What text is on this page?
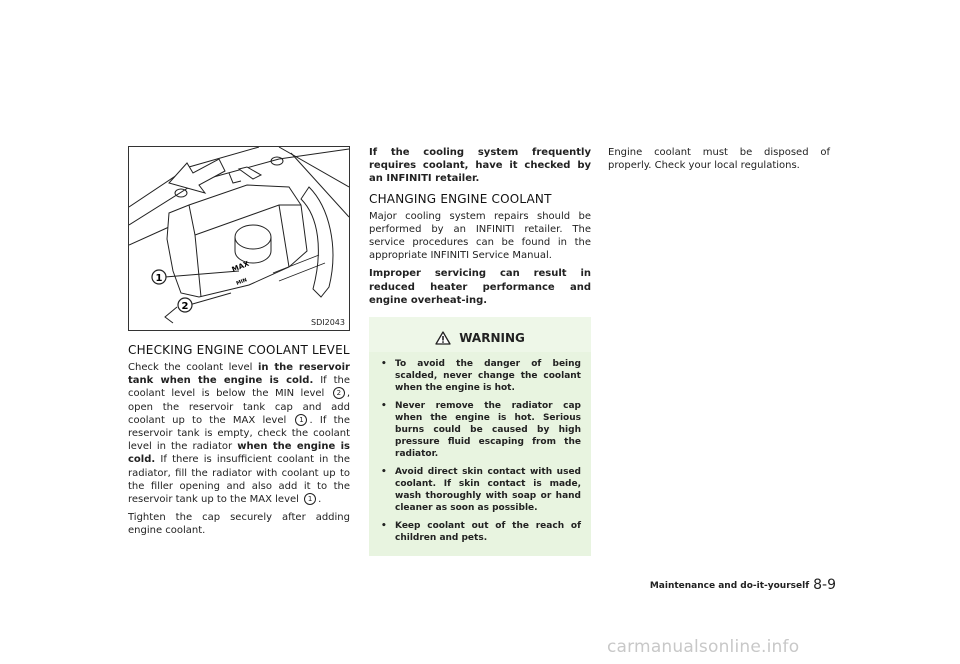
MAX
MIN
1
2
SDI2043
CHECKING ENGINE COOLANT LEVEL

Check the coolant level in the reservoir tank when the engine is cold. If the coolant level is below the MIN level 2 , open the reservoir tank cap and add coolant up to the MAX level 1 . If the reservoir tank is empty, check the coolant level in the radiator when the engine is cold. If there is insufficient coolant in the radiator, fill the radiator with coolant up to the filler opening and also add it to the reservoir tank up to the MAX level 1 .

Tighten the cap securely after adding engine coolant.

If the cooling system frequently requires coolant, have it checked by an INFINITI retailer.

CHANGING ENGINE COOLANT

Major cooling system repairs should be performed by an INFINITI retailer. The service procedures can be found in the appropriate INFINITI Service Manual.

Improper servicing can result in reduced heater performance and engine overheat-ing.

WARNING
• To avoid the danger of being scalded, never change the coolant when the engine is hot.
• Never remove the radiator cap when the engine is hot. Serious burns could be caused by high pressure fluid escaping from the radiator.
• Avoid direct skin contact with used coolant. If skin contact is made, wash thoroughly with soap or hand cleaner as soon as possible.
• Keep coolant out of the reach of children and pets.

Engine coolant must be disposed of properly. Check your local regulations.

Maintenance and do-it-yourself 8-9
carmanualsonline.info
